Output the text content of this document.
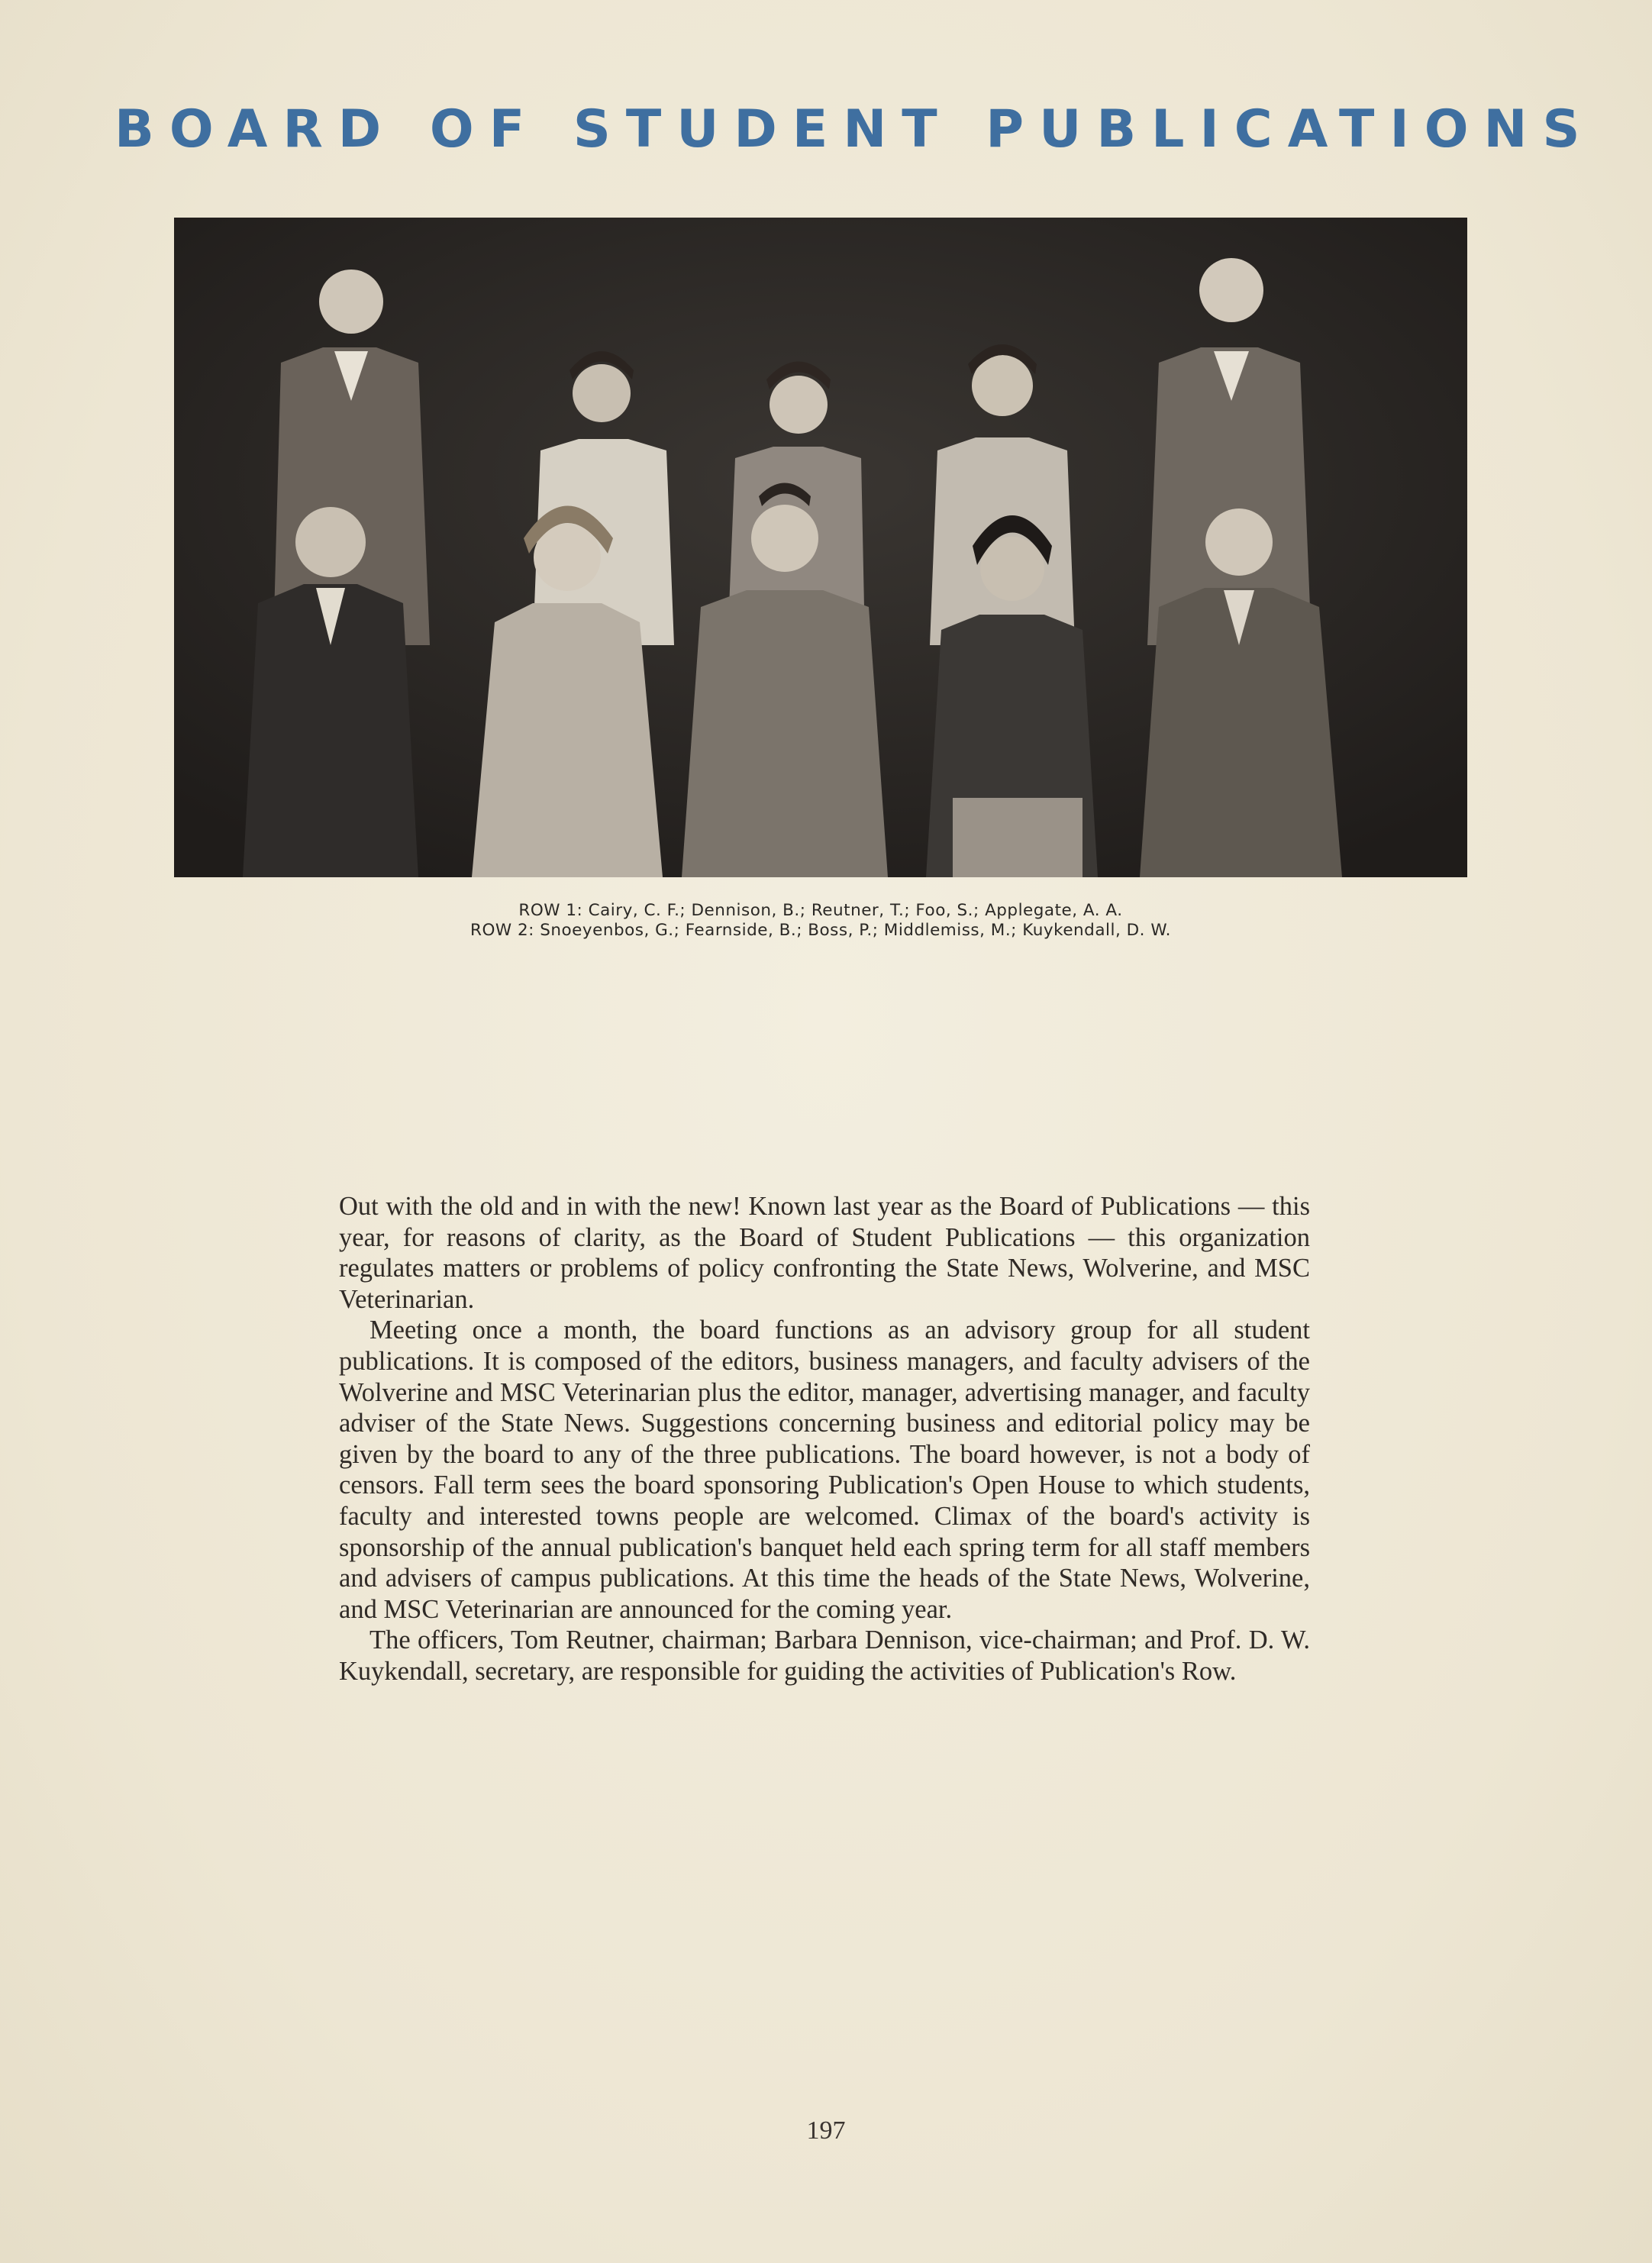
BOARD OF STUDENT PUBLICATIONS
ROW 1: Cairy, C. F.; Dennison, B.; Reutner, T.; Foo, S.; Applegate, A. A.
ROW 2: Snoeyenbos, G.; Fearnside, B.; Boss, P.; Middlemiss, M.; Kuykendall, D. W.

Out with the old and in with the new! Known last year as the Board of Publications — this year, for reasons of clarity, as the Board of Student Publications — this organization regulates matters or problems of policy confronting the State News, Wolverine, and MSC Veterinarian.

Meeting once a month, the board functions as an advisory group for all student publications. It is composed of the editors, business managers, and faculty advisers of the Wolverine and MSC Veterinarian plus the editor, manager, advertising manager, and faculty adviser of the State News. Suggestions concerning business and editorial policy may be given by the board to any of the three publications. The board however, is not a body of censors. Fall term sees the board sponsoring Publication's Open House to which students, faculty and interested towns people are welcomed. Climax of the board's activity is sponsorship of the annual publication's banquet held each spring term for all staff members and advisers of campus publications. At this time the heads of the State News, Wolverine, and MSC Veterinarian are announced for the coming year.

The officers, Tom Reutner, chairman; Barbara Dennison, vice-chairman; and Prof. D. W. Kuykendall, secretary, are responsible for guiding the activities of Publication's Row.

197
